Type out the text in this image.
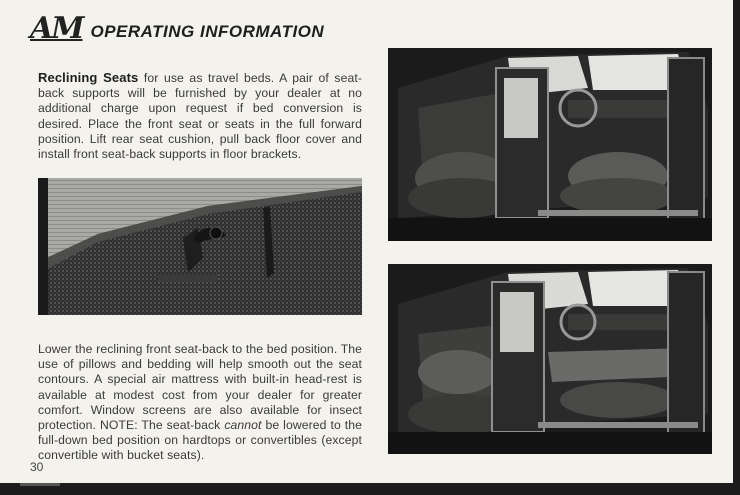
AM OPERATING INFORMATION
Reclining Seats for use as travel beds. A pair of seat-back supports will be furnished by your dealer at no additional charge upon request if bed conversion is desired. Place the front seat or seats in the full forward position. Lift rear seat cushion, pull back floor cover and install front seat-back supports in floor brackets.
Lower the reclining front seat-back to the bed position. The use of pillows and bedding will help smooth out the seat contours. A special air mattress with built-in head-rest is available at modest cost from your dealer for greater comfort. Window screens are also available for insect protection. NOTE: The seat-back cannot be lowered to the full-down bed position on hardtops or convertibles (except convertible with bucket seats).
30
